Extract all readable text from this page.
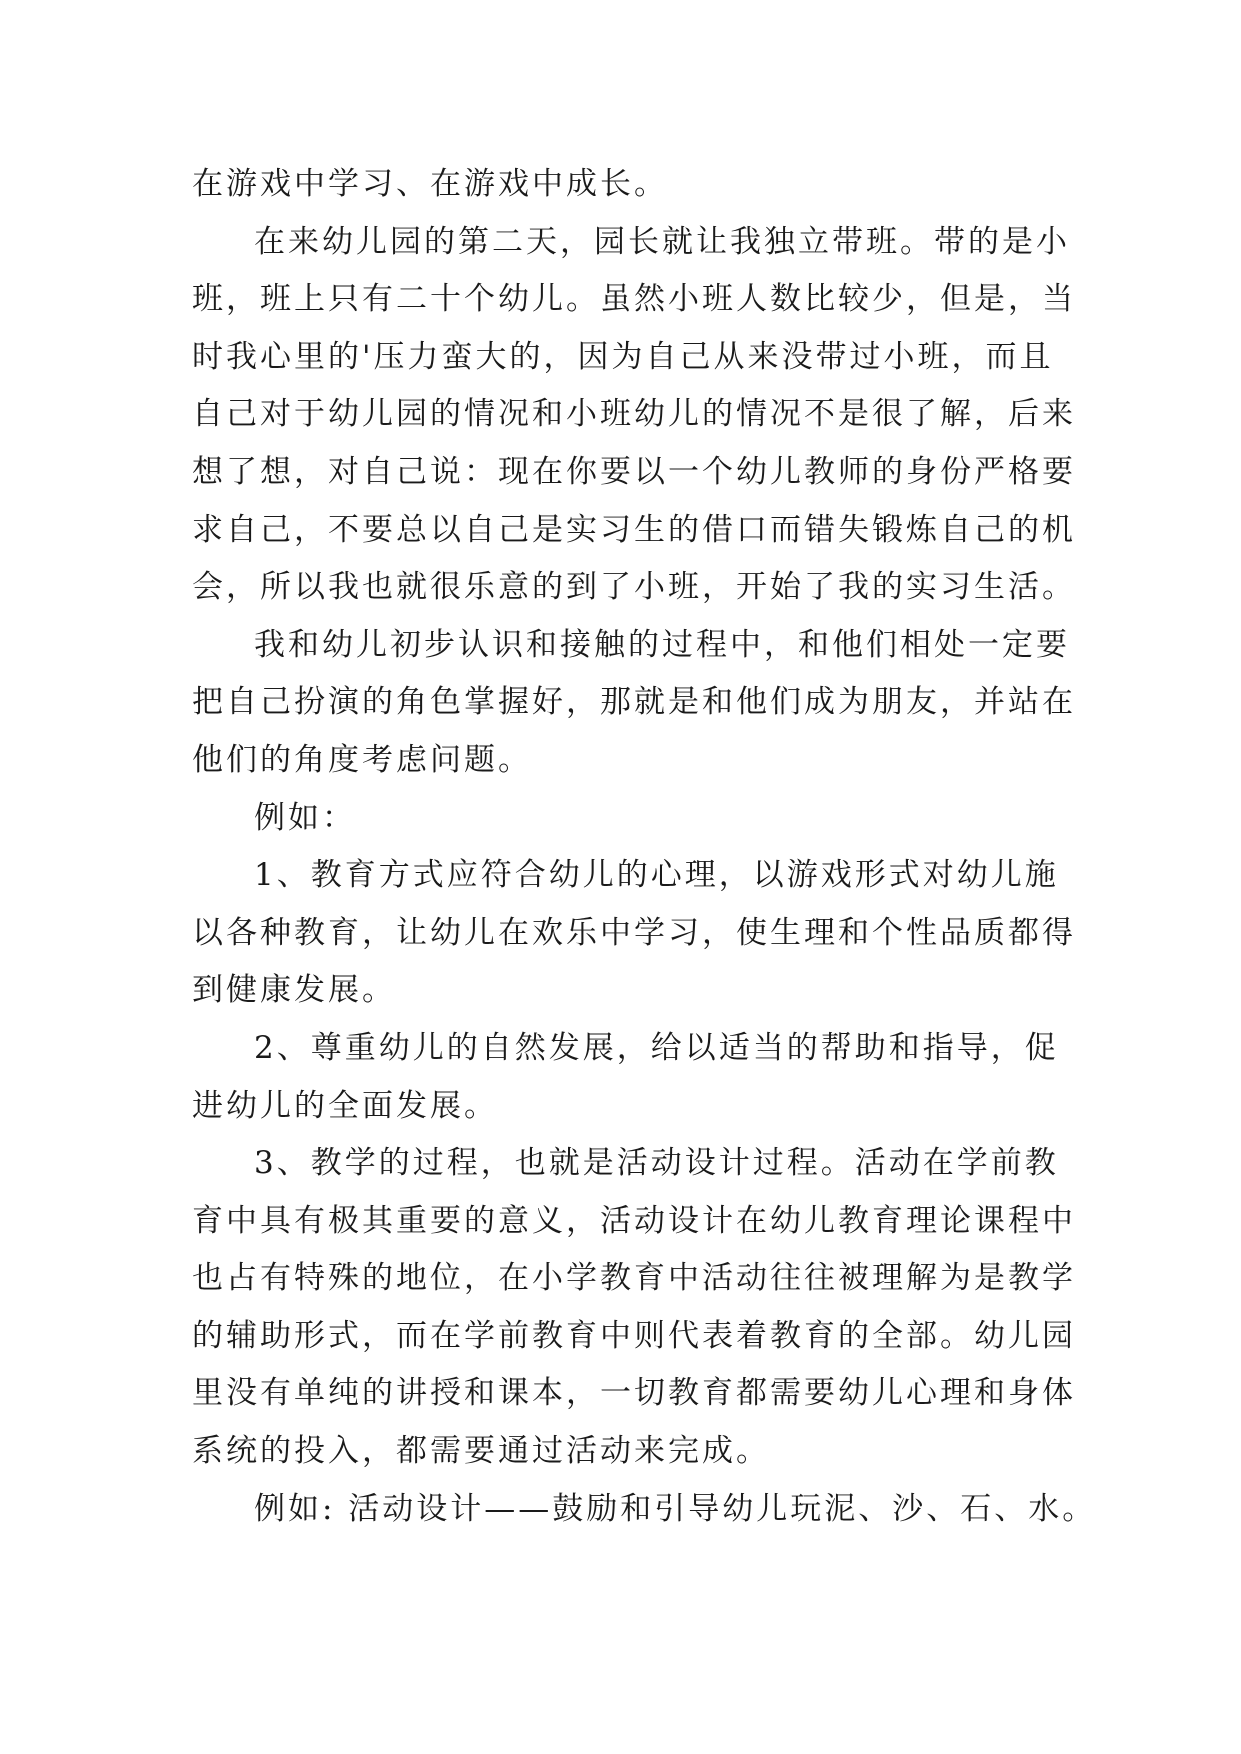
在游戏中学习、在游戏中成长。
在来幼儿园的第二天，园长就让我独立带班。带的是小
班，班上只有二十个幼儿。虽然小班人数比较少，但是，当
时我心里的'压力蛮大的，因为自己从来没带过小班，而且
自己对于幼儿园的情况和小班幼儿的情况不是很了解，后来
想了想，对自己说：现在你要以一个幼儿教师的身份严格要
求自己，不要总以自己是实习生的借口而错失锻炼自己的机
会，所以我也就很乐意的到了小班，开始了我的实习生活。
我和幼儿初步认识和接触的过程中，和他们相处一定要
把自己扮演的角色掌握好，那就是和他们成为朋友，并站在
他们的角度考虑问题。
例如：
1、教育方式应符合幼儿的心理，以游戏形式对幼儿施
以各种教育，让幼儿在欢乐中学习，使生理和个性品质都得
到健康发展。
2、尊重幼儿的自然发展，给以适当的帮助和指导，促
进幼儿的全面发展。
3、教学的过程，也就是活动设计过程。活动在学前教
育中具有极其重要的意义，活动设计在幼儿教育理论课程中
也占有特殊的地位，在小学教育中活动往往被理解为是教学
的辅助形式，而在学前教育中则代表着教育的全部。幼儿园
里没有单纯的讲授和课本，一切教育都需要幼儿心理和身体
系统的投入，都需要通过活动来完成。
例如: 活动设计——鼓励和引导幼儿玩泥、沙、石、水。
